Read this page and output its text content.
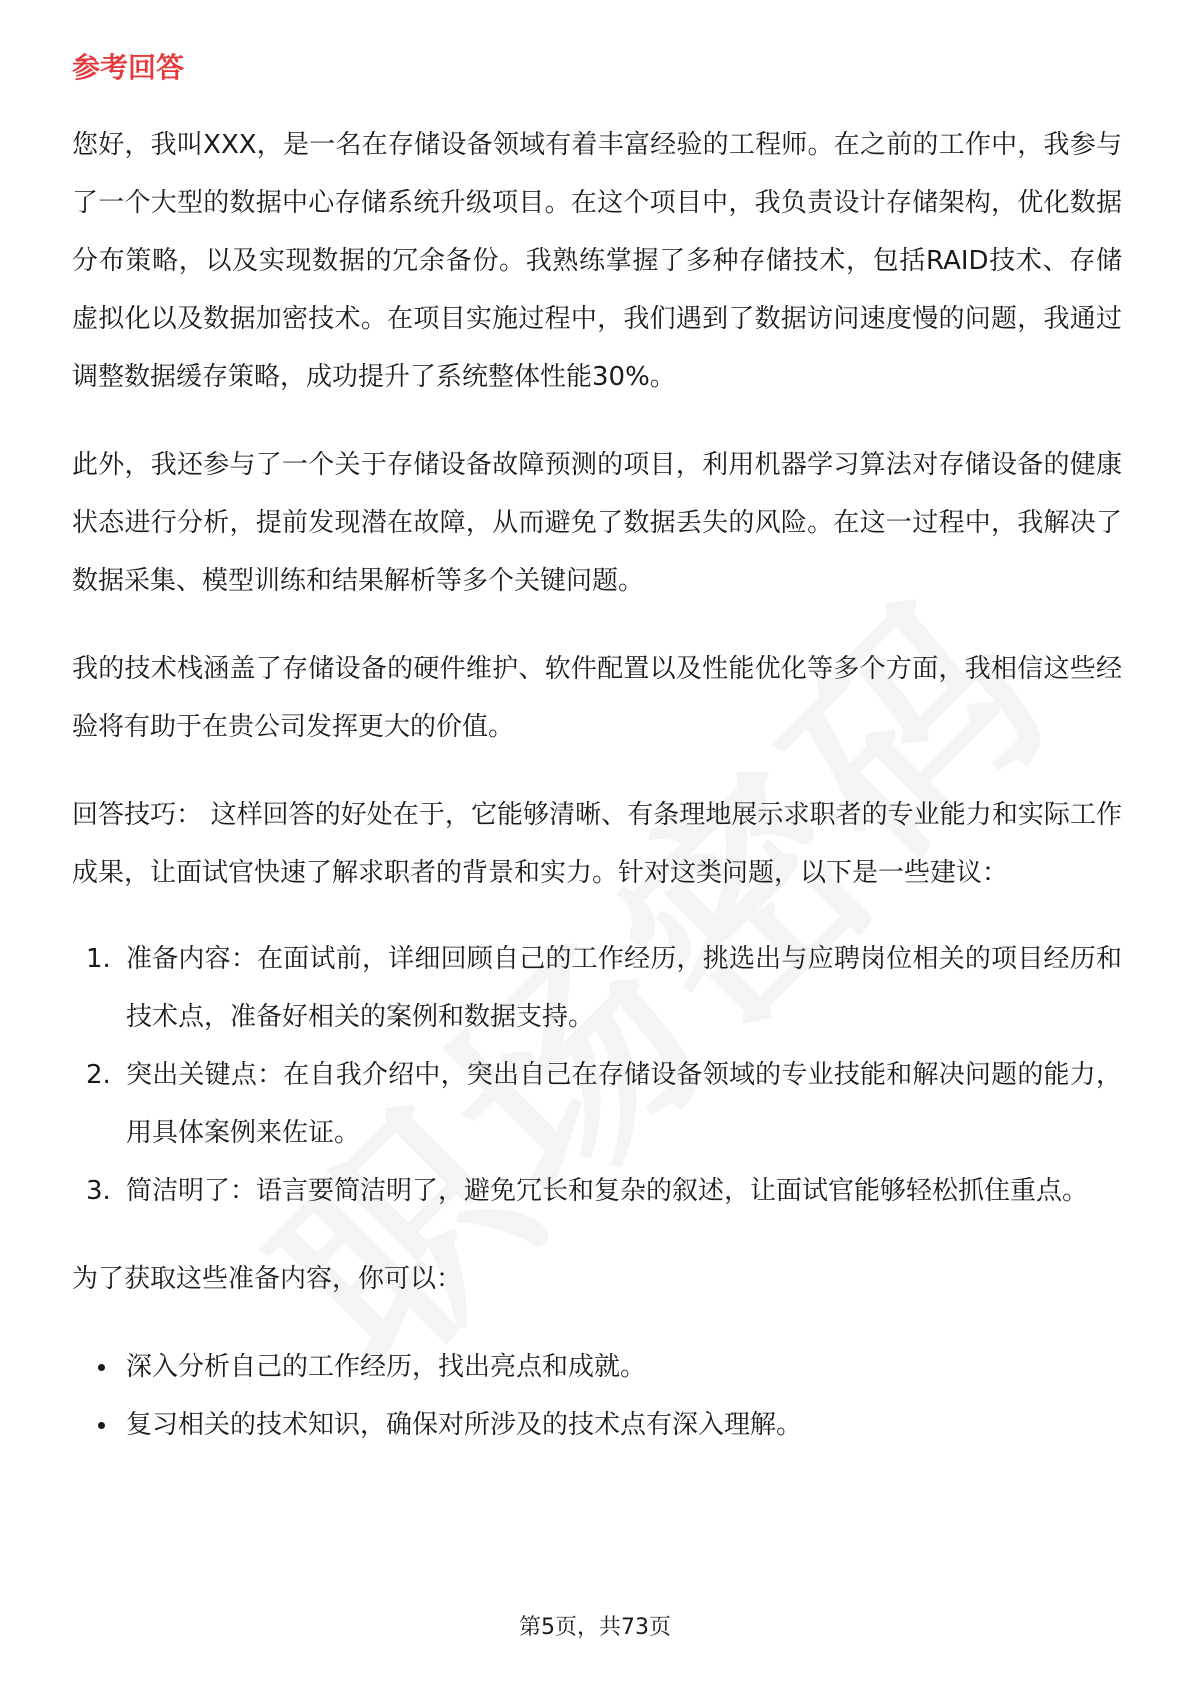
参考回答

您好，我叫XXX，是一名在存储设备领域有着丰富经验的工程师。在之前的工作中，我参与了一个大型的数据中心存储系统升级项目。在这个项目中，我负责设计存储架构，优化数据分布策略，以及实现数据的冗余备份。我熟练掌握了多种存储技术，包括RAID技术、存储虚拟化以及数据加密技术。在项目实施过程中，我们遇到了数据访问速度慢的问题，我通过调整数据缓存策略，成功提升了系统整体性能30%。

此外，我还参与了一个关于存储设备故障预测的项目，利用机器学习算法对存储设备的健康状态进行分析，提前发现潜在故障，从而避免了数据丢失的风险。在这一过程中，我解决了数据采集、模型训练和结果解析等多个关键问题。

我的技术栈涵盖了存储设备的硬件维护、软件配置以及性能优化等多个方面，我相信这些经验将有助于在贵公司发挥更大的价值。

回答技巧： 这样回答的好处在于，它能够清晰、有条理地展示求职者的专业能力和实际工作成果，让面试官快速了解求职者的背景和实力。针对这类问题，以下是一些建议：

1. 准备内容：在面试前，详细回顾自己的工作经历，挑选出与应聘岗位相关的项目经历和技术点，准备好相关的案例和数据支持。
2. 突出关键点：在自我介绍中，突出自己在存储设备领域的专业技能和解决问题的能力，用具体案例来佐证。
3. 简洁明了：语言要简洁明了，避免冗长和复杂的叙述，让面试官能够轻松抓住重点。

为了获取这些准备内容，你可以：

深入分析自己的工作经历，找出亮点和成就。
复习相关的技术知识，确保对所涉及的技术点有深入理解。
第5页，共73页
